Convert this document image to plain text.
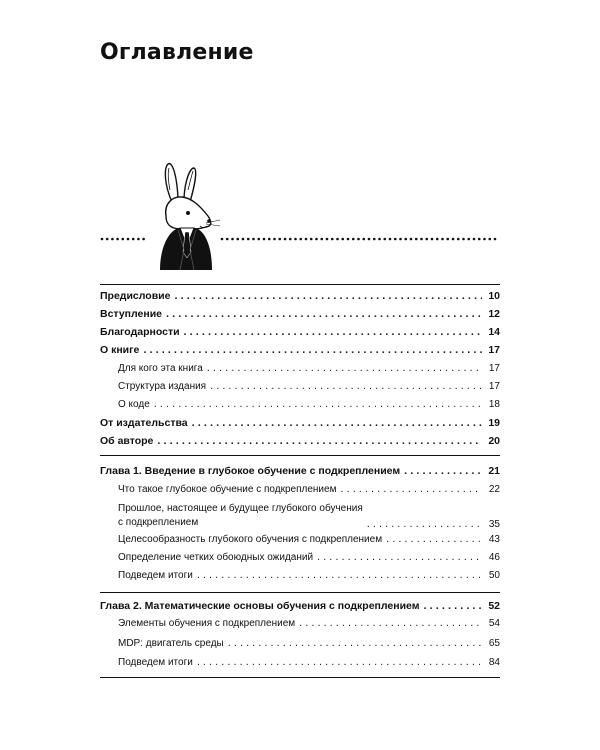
Оглавление
Предисловие . . .	10
Вступление . . .	12
Благодарности . . .	14
О книге . . .	17
Для кого эта книга . . .	17
Структура издания . . .	17
О коде . . .	18
От издательства . . .	19
Об авторе . . .	20
Глава 1. Введение в глубокое обучение с подкреплением . . .	21
Что такое глубокое обучение с подкреплением . . .	22
Прошлое, настоящее и будущее глубокого обучения
с подкреплением . . .	35
Целесообразность глубокого обучения с подкреплением . . .	43
Определение четких обоюдных ожиданий . . .	46
Подведем итоги . . .	50
Глава 2. Математические основы обучения с подкреплением . . .	52
Элементы обучения с подкреплением . . .	54
MDP: двигатель среды . . .	65
Подведем итоги . . .	84
